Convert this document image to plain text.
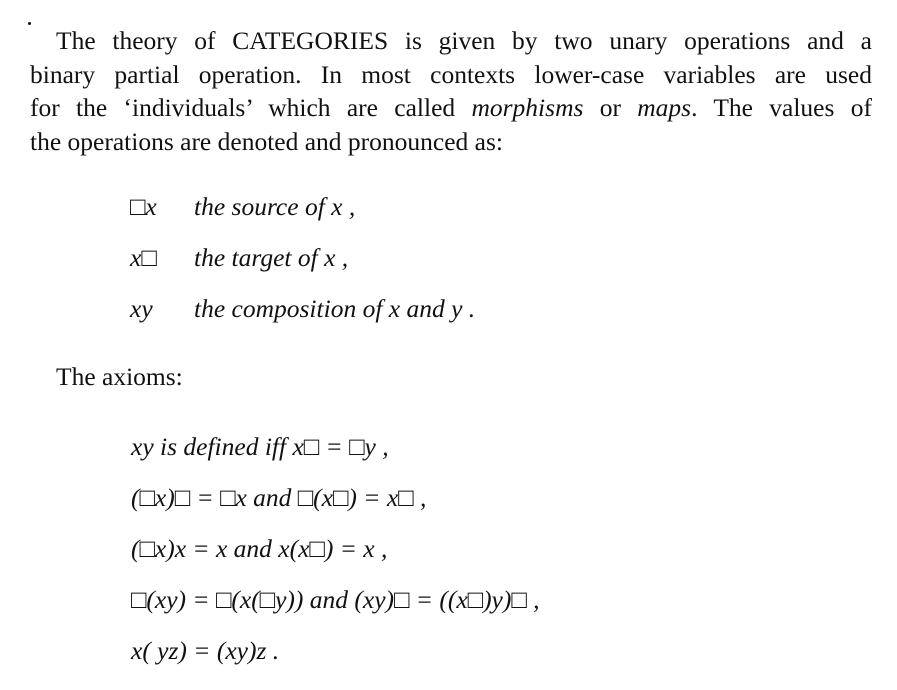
The theory of CATEGORIES is given by two unary operations and a
binary partial operation. In most contexts lower-case variables are used
for the ‘individuals’ which are called morphisms or maps. The values of
the operations are denoted and pronounced as:
□x the source of x ,
x□ the target of x ,
xy the composition of x and y .
The axioms:
xy is defined iff x□ = □y ,
(□x)□ = □x and □(x□) = x□ ,
(□x)x = x and x(x□) = x ,
□(xy) = □(x(□y)) and (xy)□ = ((x□)y)□ ,
x( yz) = (xy)z .
